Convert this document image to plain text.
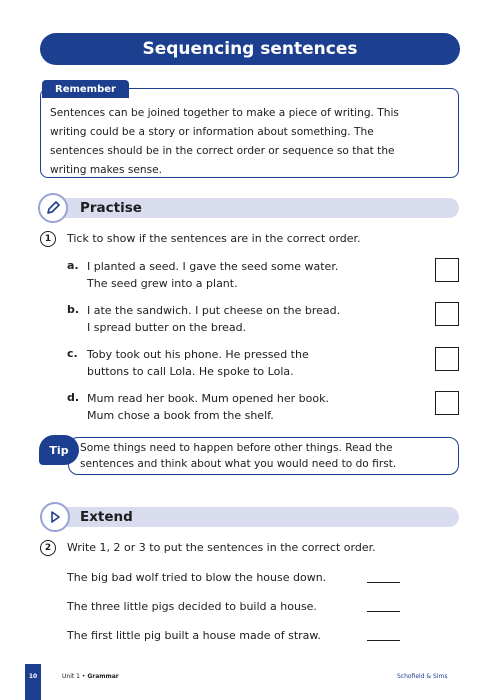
Sequencing sentences
Remember
Sentences can be joined together to make a piece of writing. This
writing could be a story or information about something. The
sentences should be in the correct order or sequence so that the
writing makes sense.
Practise
1	Tick to show if the sentences are in the correct order.
a. I planted a seed. I gave the seed some water.
The seed grew into a plant.
b. I ate the sandwich. I put cheese on the bread.
I spread butter on the bread.
c. Toby took out his phone. He pressed the
buttons to call Lola. He spoke to Lola.
d. Mum read her book. Mum opened her book.
Mum chose a book from the shelf.
Tip	Some things need to happen before other things. Read the
sentences and think about what you would need to do first.
Extend
2	Write 1, 2 or 3 to put the sentences in the correct order.
The big bad wolf tried to blow the house down.
The three little pigs decided to build a house.
The first little pig built a house made of straw.
10	Unit 1 • Grammar	Schofield & Sims
